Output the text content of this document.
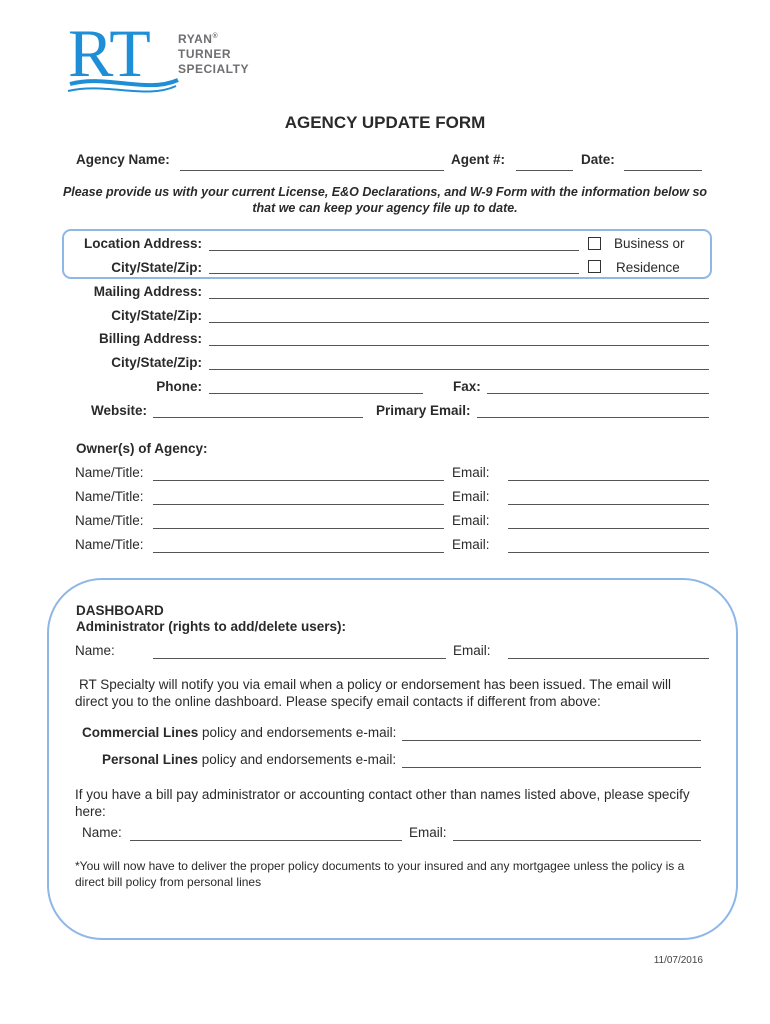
RT RYAN®
TURNER
SPECIALTY
AGENCY UPDATE FORM
Agency Name:	Agent #:	Date:
Please provide us with your current License, E&O Declarations, and W-9 Form with the information below so that we can keep your agency file up to date.
Location Address:	Business or
City/State/Zip:	Residence
Mailing Address:
City/State/Zip:
Billing Address:
City/State/Zip:
Phone:	Fax:
Website:	Primary Email:
Owner(s) of Agency:
Name/Title:	Email:
Name/Title:	Email:
Name/Title:	Email:
Name/Title:	Email:
DASHBOARD
Administrator (rights to add/delete users):
Name:	Email:
RT Specialty will notify you via email when a policy or endorsement has been issued. The email will direct you to the online dashboard. Please specify email contacts if different from above:
Commercial Lines policy and endorsements e-mail:
Personal Lines policy and endorsements e-mail:
If you have a bill pay administrator or accounting contact other than names listed above, please specify here:
Name:	Email:
*You will now have to deliver the proper policy documents to your insured and any mortgagee unless the policy is a direct bill policy from personal lines
11/07/2016
